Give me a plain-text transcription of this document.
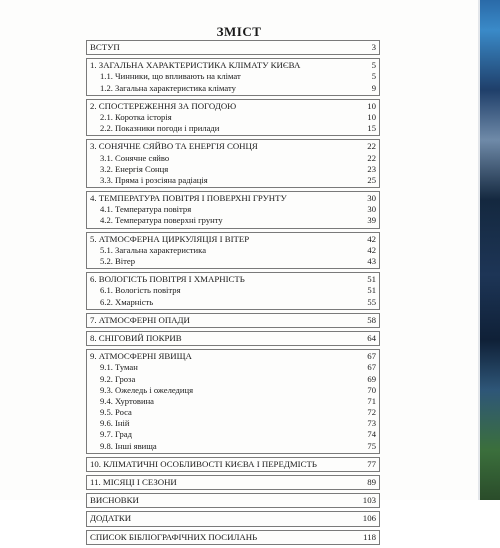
ЗМІСТ
ВСТУП	3
1. ЗАГАЛЬНА ХАРАКТЕРИСТИКА КЛІМАТУ КИЄВА	5
1.1. Чинники, що впливають на клімат	5
1.2. Загальна характеристика клімату	9
2. СПОСТЕРЕЖЕННЯ ЗА ПОГОДОЮ	10
2.1. Коротка історія	10
2.2. Показники погоди і прилади	15
3. СОНЯЧНЕ СЯЙВО ТА ЕНЕРГІЯ СОНЦЯ	22
3.1. Сонячне сяйво	22
3.2. Енергія Сонця	23
3.3. Пряма і розсіяна радіація	25
4. ТЕМПЕРАТУРА ПОВІТРЯ І ПОВЕРХНІ ГРУНТУ	30
4.1. Температура повітря	30
4.2. Температура поверхні грунту	39
5. АТМОСФЕРНА ЦИРКУЛЯЦІЯ І ВІТЕР	42
5.1. Загальна характеристика	42
5.2. Вітер	43
6. ВОЛОГІСТЬ ПОВІТРЯ І ХМАРНІСТЬ	51
6.1. Вологість повітря	51
6.2. Хмарність	55
7. АТМОСФЕРНІ ОПАДИ	58
8. СНІГОВИЙ ПОКРИВ	64
9. АТМОСФЕРНІ ЯВИЩА	67
9.1. Туман	67
9.2. Гроза	69
9.3. Ожеледь і ожеледиця	70
9.4. Хуртовина	71
9.5. Роса	72
9.6. Іній	73
9.7. Град	74
9.8. Інші явища	75
10. КЛІМАТИЧНІ ОСОБЛИВОСТІ КИЄВА І ПЕРЕДМІСТЬ	77
11. МІСЯЦІ І СЕЗОНИ	89
ВИСНОВКИ	103
ДОДАТКИ	106
СПИСОК БІБЛІОГРАФІЧНИХ ПОСИЛАНЬ	118
